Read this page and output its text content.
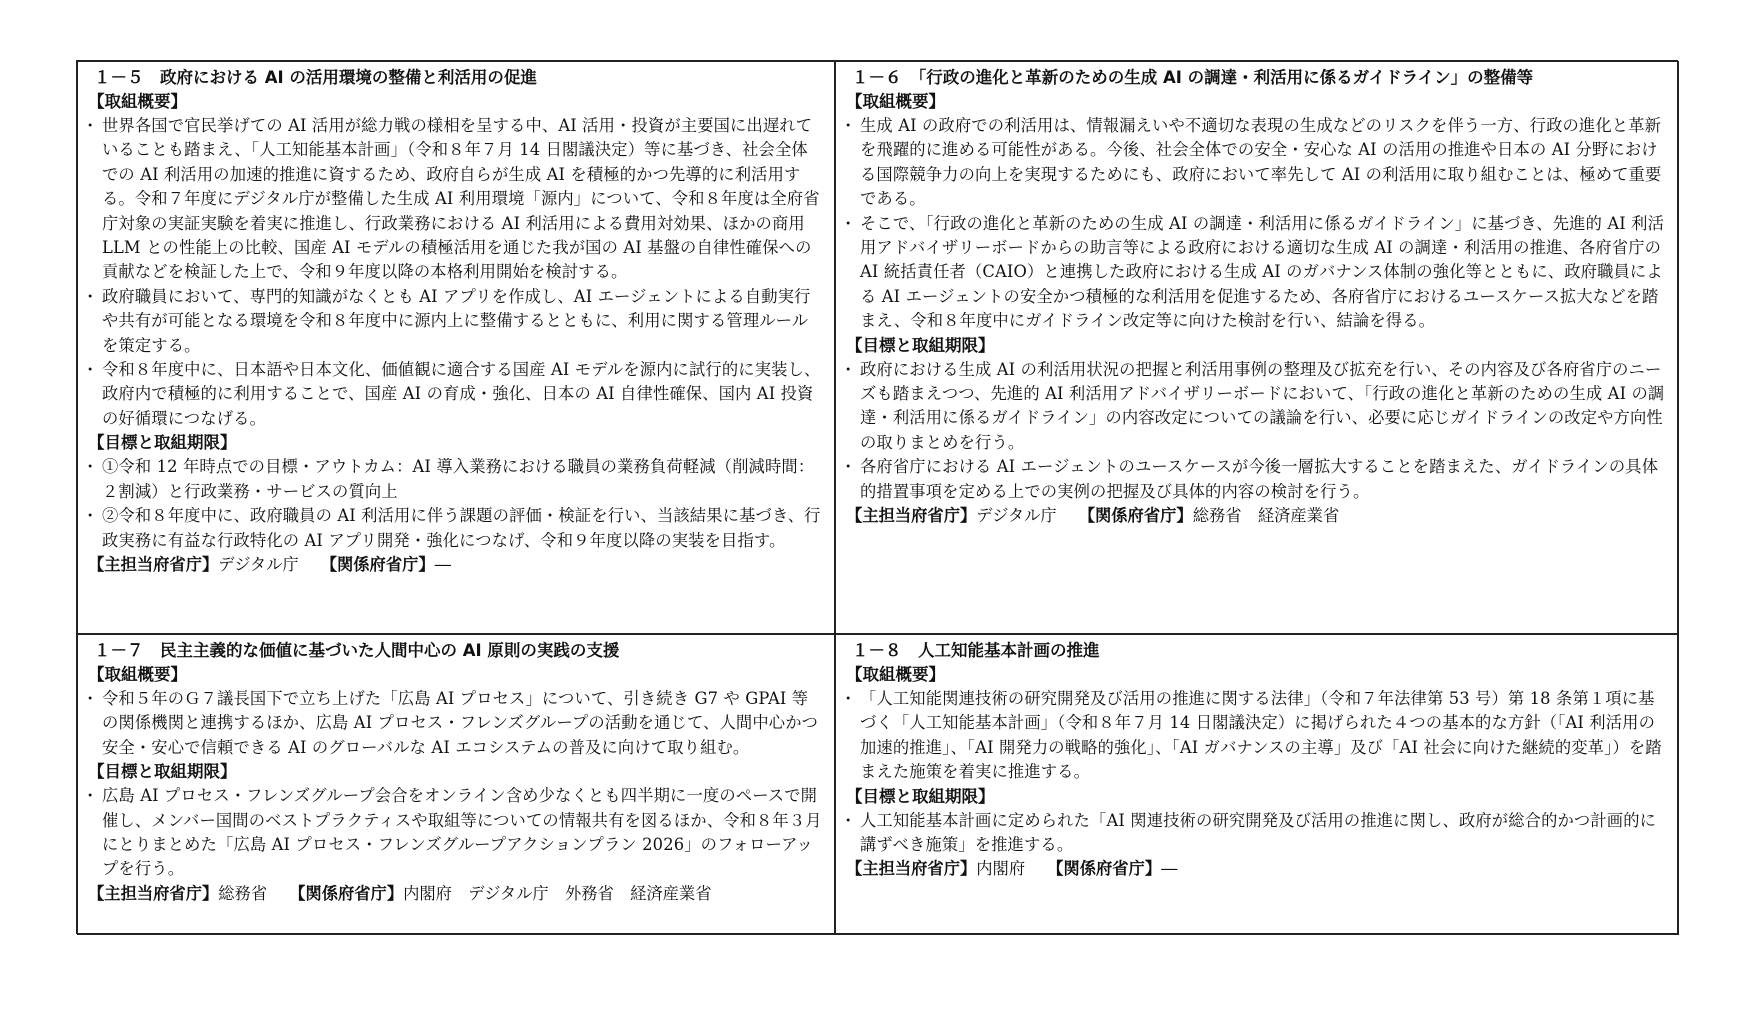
１－５　政府における AI の活用環境の整備と利活用の促進
【取組概要】
・ 世界各国で官民挙げての AI 活用が総力戦の様相を呈する中、AI 活用・投資が主要国に出遅れていることも踏まえ、「人工知能基本計画」（令和８年７月 14 日閣議決定）等に基づき、社会全体での AI 利活用の加速的推進に資するため、政府自らが生成 AI を積極的かつ先導的に利活用する。令和７年度にデジタル庁が整備した生成 AI 利用環境「源内」について、令和８年度は全府省庁対象の実証実験を着実に推進し、行政業務における AI 利活用による費用対効果、ほかの商用 LLM との性能上の比較、国産 AI モデルの積極活用を通じた我が国の AI 基盤の自律性確保への貢献などを検証した上で、令和９年度以降の本格利用開始を検討する。
・ 政府職員において、専門的知識がなくとも AI アプリを作成し、AI エージェントによる自動実行や共有が可能となる環境を令和８年度中に源内上に整備するとともに、利用に関する管理ルールを策定する。
・ 令和８年度中に、日本語や日本文化、価値観に適合する国産 AI モデルを源内に試行的に実装し、政府内で積極的に利用することで、国産 AI の育成・強化、日本の AI 自律性確保、国内 AI 投資の好循環につなげる。
【目標と取組期限】
・ ①令和 12 年時点での目標・アウトカム：AI 導入業務における職員の業務負荷軽減（削減時間：２割減）と行政業務・サービスの質向上
・ ②令和８年度中に、政府職員の AI 利活用に伴う課題の評価・検証を行い、当該結果に基づき、行政実務に有益な行政特化の AI アプリ開発・強化につなげ、令和９年度以降の実装を目指す。
【主担当府省庁】デジタル庁 【関係府省庁】―
１－６　「行政の進化と革新のための生成 AI の調達・利活用に係るガイドライン」の整備等
【取組概要】
・ 生成 AI の政府での利活用は、情報漏えいや不適切な表現の生成などのリスクを伴う一方、行政の進化と革新を飛躍的に進める可能性がある。今後、社会全体での安全・安心な AI の活用の推進や日本の AI 分野における国際競争力の向上を実現するためにも、政府において率先して AI の利活用に取り組むことは、極めて重要である。
・ そこで、「行政の進化と革新のための生成 AI の調達・利活用に係るガイドライン」に基づき、先進的 AI 利活用アドバイザリーボードからの助言等による政府における適切な生成 AI の調達・利活用の推進、各府省庁の AI 統括責任者（CAIO）と連携した政府における生成 AI のガバナンス体制の強化等とともに、政府職員による AI エージェントの安全かつ積極的な利活用を促進するため、各府省庁におけるユースケース拡大などを踏まえ、令和８年度中にガイドライン改定等に向けた検討を行い、結論を得る。
【目標と取組期限】
・ 政府における生成 AI の利活用状況の把握と利活用事例の整理及び拡充を行い、その内容及び各府省庁のニーズも踏まえつつ、先進的 AI 利活用アドバイザリーボードにおいて、「行政の進化と革新のための生成 AI の調達・利活用に係るガイドライン」の内容改定についての議論を行い、必要に応じガイドラインの改定や方向性の取りまとめを行う。
・ 各府省庁における AI エージェントのユースケースが今後一層拡大することを踏まえた、ガイドラインの具体的措置事項を定める上での実例の把握及び具体的内容の検討を行う。
【主担当府省庁】デジタル庁 【関係府省庁】総務省　経済産業省
１－７　民主主義的な価値に基づいた人間中心の AI 原則の実践の支援
【取組概要】
・ 令和５年のＧ７議長国下で立ち上げた「広島 AI プロセス」について、引き続き G7 や GPAI 等の関係機関と連携するほか、広島 AI プロセス・フレンズグループの活動を通じて、人間中心かつ安全・安心で信頼できる AI のグローバルな AI エコシステムの普及に向けて取り組む。
【目標と取組期限】
・ 広島 AI プロセス・フレンズグループ会合をオンライン含め少なくとも四半期に一度のペースで開催し、メンバー国間のベストプラクティスや取組等についての情報共有を図るほか、令和８年３月にとりまとめた「広島 AI プロセス・フレンズグループアクションプラン 2026」のフォローアップを行う。
【主担当府省庁】総務省 【関係府省庁】内閣府　デジタル庁　外務省　経済産業省
１－８　人工知能基本計画の推進
【取組概要】
・ 「人工知能関連技術の研究開発及び活用の推進に関する法律」（令和７年法律第 53 号）第 18 条第１項に基づく「人工知能基本計画」（令和８年７月 14 日閣議決定）に掲げられた４つの基本的な方針（「AI 利活用の加速的推進」、「AI 開発力の戦略的強化」、「AI ガバナンスの主導」及び「AI 社会に向けた継続的変革」）を踏まえた施策を着実に推進する。
【目標と取組期限】
・ 人工知能基本計画に定められた「AI 関連技術の研究開発及び活用の推進に関し、政府が総合的かつ計画的に講ずべき施策」を推進する。
【主担当府省庁】内閣府 【関係府省庁】―
